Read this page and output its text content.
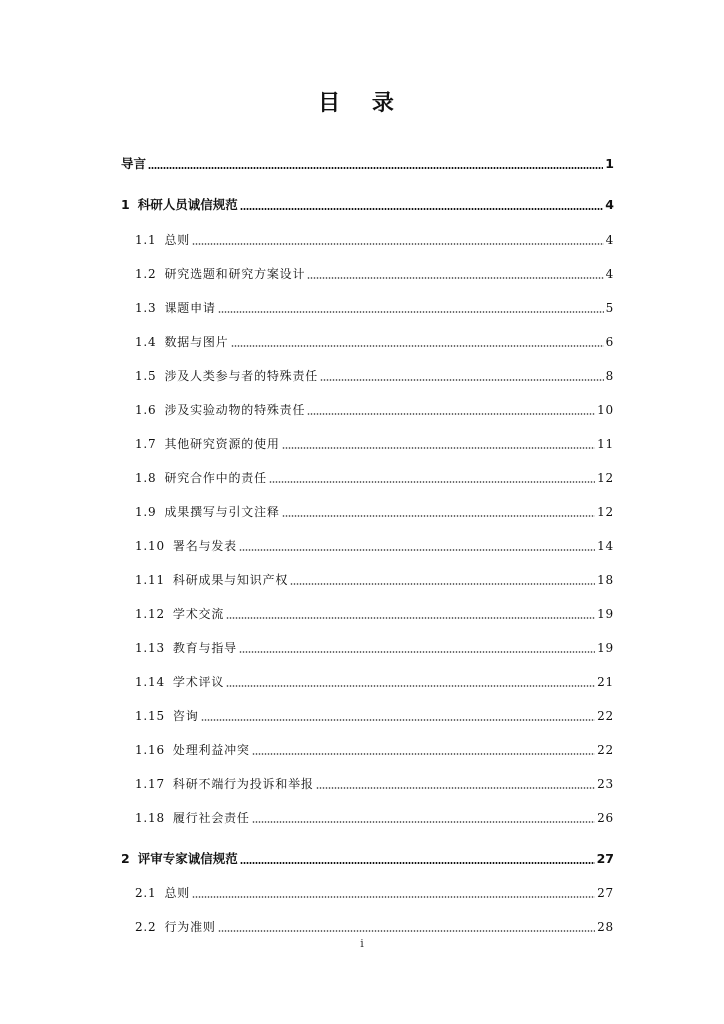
目 录
导言	1
1 科研人员诚信规范	4
1.1 总则	4
1.2 研究选题和研究方案设计	4
1.3 课题申请	5
1.4 数据与图片	6
1.5 涉及人类参与者的特殊责任	8
1.6 涉及实验动物的特殊责任	10
1.7 其他研究资源的使用	11
1.8 研究合作中的责任	12
1.9 成果撰写与引文注释	12
1.10 署名与发表	14
1.11 科研成果与知识产权	18
1.12 学术交流	19
1.13 教育与指导	19
1.14 学术评议	21
1.15 咨询	22
1.16 处理利益冲突	22
1.17 科研不端行为投诉和举报	23
1.18 履行社会责任	26
2 评审专家诚信规范	27
2.1 总则	27
2.2 行为准则	28
i
